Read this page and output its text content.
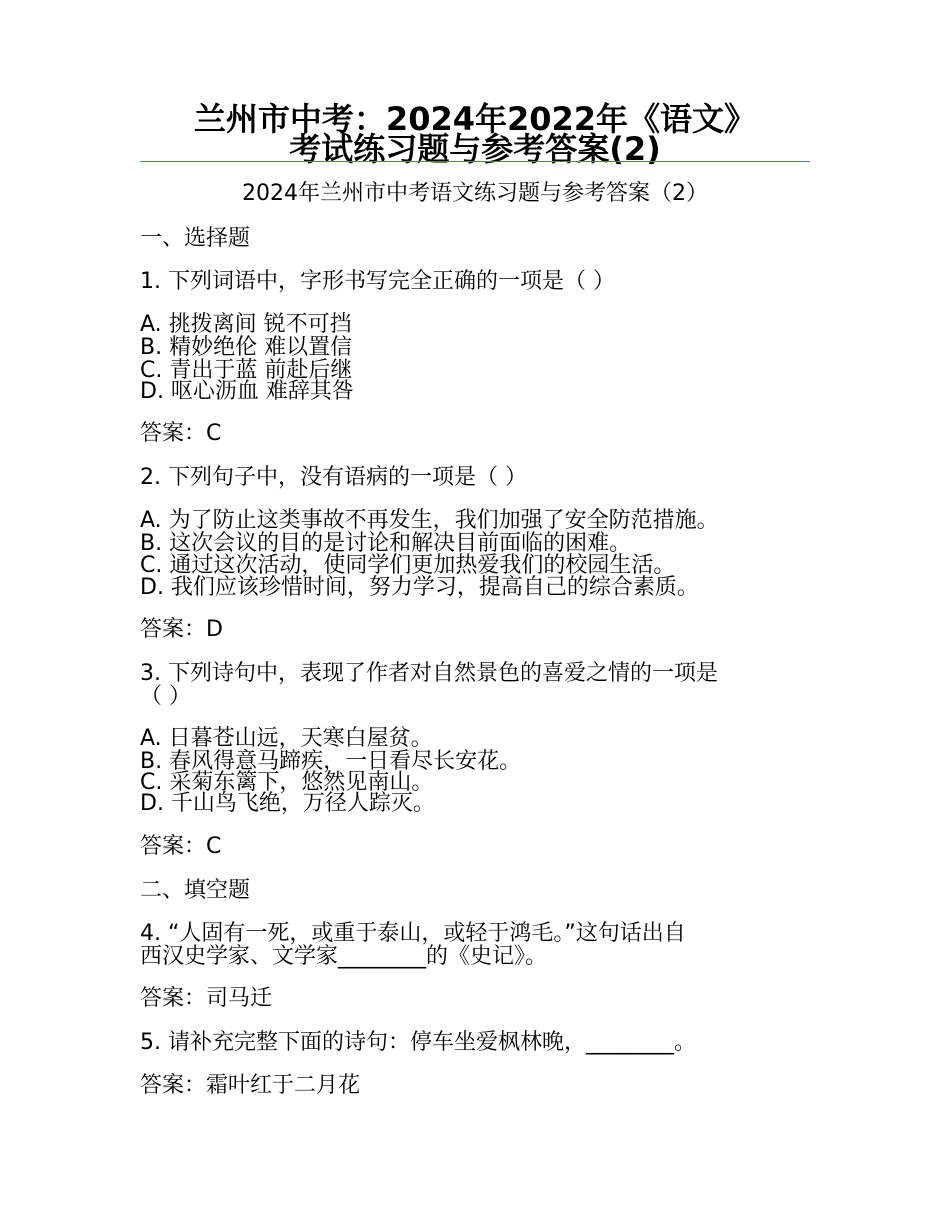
兰州市中考：2024年2022年《语文》
考试练习题与参考答案(2)
2024年兰州市中考语文练习题与参考答案（2）
一、选择题
1. 下列词语中，字形书写完全正确的一项是（ ）
A. 挑拨离间 锐不可挡
B. 精妙绝伦 难以置信
C. 青出于蓝 前赴后继
D. 呕心沥血 难辞其咎
答案：C
2. 下列句子中，没有语病的一项是（ ）
A. 为了防止这类事故不再发生，我们加强了安全防范措施。
B. 这次会议的目的是讨论和解决目前面临的困难。
C. 通过这次活动，使同学们更加热爱我们的校园生活。
D. 我们应该珍惜时间，努力学习，提高自己的综合素质。
答案：D
3. 下列诗句中，表现了作者对自然景色的喜爱之情的一项是
（ ）
A. 日暮苍山远，天寒白屋贫。
B. 春风得意马蹄疾，一日看尽长安花。
C. 采菊东篱下，悠然见南山。
D. 千山鸟飞绝，万径人踪灭。
答案：C
二、填空题
4. “人固有一死，或重于泰山，或轻于鸿毛。”这句话出自
西汉史学家、文学家________的《史记》。
答案：司马迁
5. 请补充完整下面的诗句：停车坐爱枫林晚，________。
答案：霜叶红于二月花
